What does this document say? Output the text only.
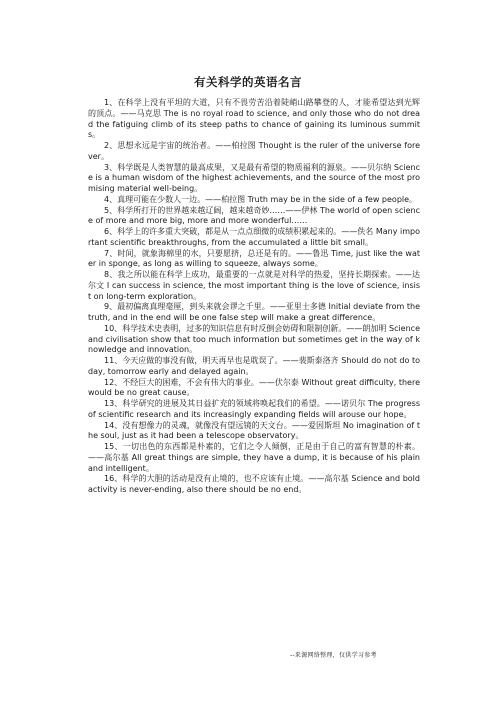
有关科学的英语名言

1、在科学上没有平坦的大道，只有不畏劳苦沿着陡峭山路攀登的人，才能希望达到光辉的顶点。——马克思 The is no royal road to science, and only those who do not dread the fatiguing climb of its steep paths to chance of gaining its luminous summits。

2、思想永远是宇宙的统治者。——柏拉图 Thought is the ruler of the universe forever。

3、科学既是人类智慧的最高成果，又是最有希望的物质福利的源泉。——贝尔纳 Science is a human wisdom of the highest achievements, and the source of the most promising material well-being。

4、真理可能在少数人一边。——柏拉图 Truth may be in the side of a few people。

5、科学所打开的世界越来越辽阔，越来越奇妙……——伊林 The world of open science of more and more big, more and more wonderful……

6、科学上的许多重大突破，都是从一点点细微的成绩积累起来的。——佚名 Many important scientific breakthroughs, from the accumulated a little bit small。

7、时间，就象海棉里的水，只要愿挤，总还是有的。——鲁迅 Time, just like the water in sponge, as long as willing to squeeze, always some。

8、我之所以能在科学上成功，最重要的一点就是对科学的热爱，坚持长期探索。——达尔文 I can success in science, the most important thing is the love of science, insist on long-term exploration。

9、最初偏离真理毫厘，到头来就会谬之千里。——亚里士多德 Initial deviate from the truth, and in the end will be one false step will make a great difference。

10、科学技术史表明，过多的知识信息有时反倒会妨碍和限制创新。——朗加明 Science and civilisation show that too much information but sometimes get in the way of knowledge and innovation。

11、今天应做的事没有做，明天再早也是耽误了。——裴斯泰洛齐 Should do not do today, tomorrow early and delayed again。

12、不经巨大的困难，不会有伟大的事业。——伏尔泰 Without great difficulty, there would be no great cause。

13、科学研究的进展及其日益扩充的领域将唤起我们的希望。——诺贝尔 The progress of scientific research and its increasingly expanding fields will arouse our hope。

14、没有想像力的灵魂，就像没有望远镜的天文台。——爱因斯坦 No imagination of the soul, just as it had been a telescope observatory。

15、一切出色的东西都是朴素的，它们之令人倾倒，正是由于自己的富有智慧的朴素。——高尔基 All great things are simple, they have a dump, it is because of his plain and intelligent。

16、科学的大胆的活动是没有止境的，也不应该有止境。——高尔基 Science and bold activity is never-ending, also there should be no end。

--来源网络整理，仅供学习参考
